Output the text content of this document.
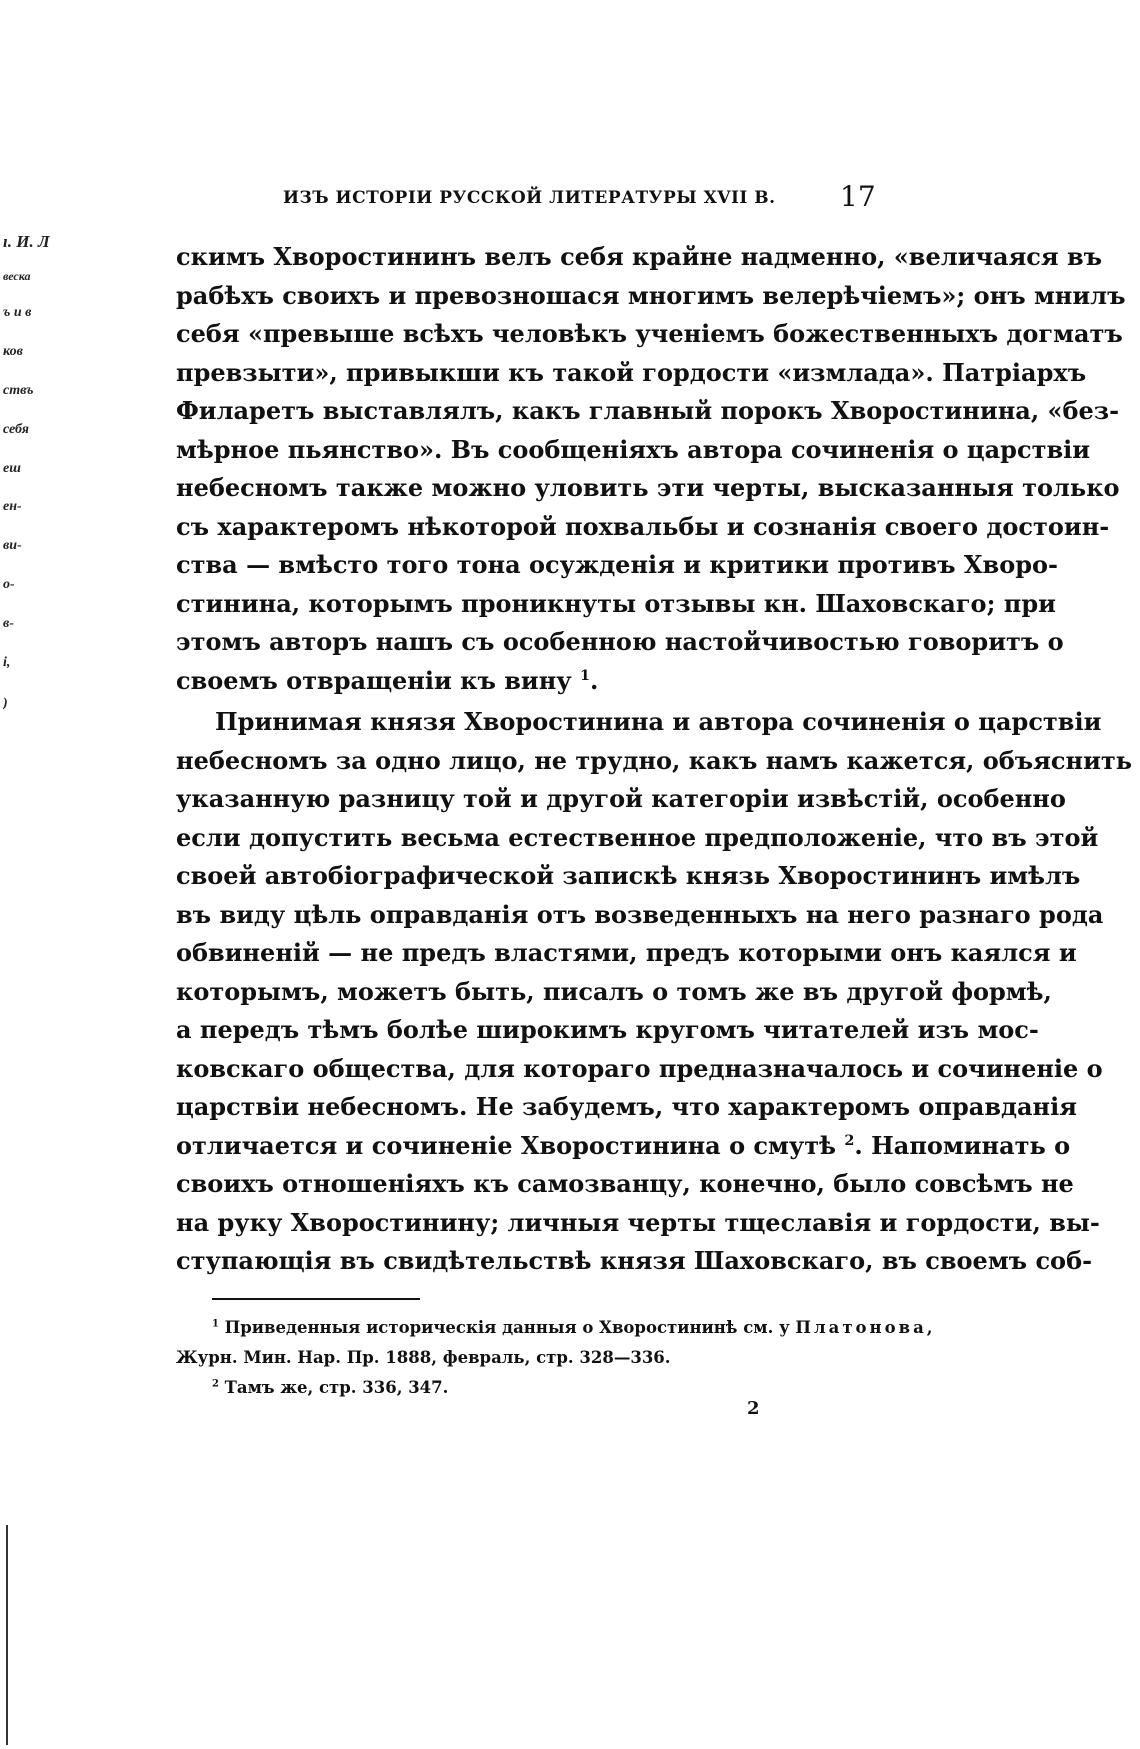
ı. И. Л
веска
ъ и в
ков
ствъ
себя
еш
ен-
ви-
о-
в-
і,
)
ИЗЪ ИСТОРІИ РУССКОЙ ЛИТЕРАТУРЫ XVII В. 17
скимъ Хворостининъ велъ себя крайне надменно, «величаяся въ
рабѣхъ своихъ и превозношася многимъ велерѣчіемъ»; онъ мнилъ
себя «превыше всѣхъ человѣкъ ученіемъ божественныхъ догматъ
превзыти», привыкши къ такой гордости «измлада». Патріархъ
Филаретъ выставлялъ, какъ главный порокъ Хворостинина, «без-
мѣрное пьянство». Въ сообщеніяхъ автора сочиненія о царствіи
небесномъ также можно уловить эти черты, высказанныя только
съ характеромъ нѣкоторой похвальбы и сознанія своего достоин-
ства — вмѣсто того тона осужденія и критики противъ Хворо-
стинина, которымъ проникнуты отзывы кн. Шаховскаго; при
этомъ авторъ нашъ съ особенною настойчивостью говоритъ о
своемъ отвращеніи къ вину $^1$.
Принимая князя Хворостинина и автора сочиненія о царствіи
небесномъ за одно лицо, не трудно, какъ намъ кажется, объяснить
указанную разницу той и другой категоріи извѣстій, особенно
если допустить весьма естественное предположеніе, что въ этой
своей автобіографической запискѣ князь Хворостининъ имѣлъ
въ виду цѣль оправданія отъ возведенныхъ на него разнаго рода
обвиненій — не предъ властями, предъ которыми онъ каялся и
которымъ, можетъ быть, писалъ о томъ же въ другой формѣ,
а передъ тѣмъ болѣе широкимъ кругомъ читателей изъ мос-
ковскаго общества, для котораго предназначалось и сочиненіе о
царствіи небесномъ. Не забудемъ, что характеромъ оправданія
отличается и сочиненіе Хворостинина о смутѣ $^2$. Напоминать о
своихъ отношеніяхъ къ самозванцу, конечно, было совсѣмъ не
на руку Хворостинину; личныя черты тщеславія и гордости, вы-
ступающія въ свидѣтельствѣ князя Шаховскаго, въ своемъ соб-
$^1$ Приведенныя историческія данныя о Хворостининѣ см. у Платонова,
Журн. Мин. Нар. Пр. 1888, февраль, стр. 328—336.
$^2$ Тамъ же, стр. 336, 347.
2
